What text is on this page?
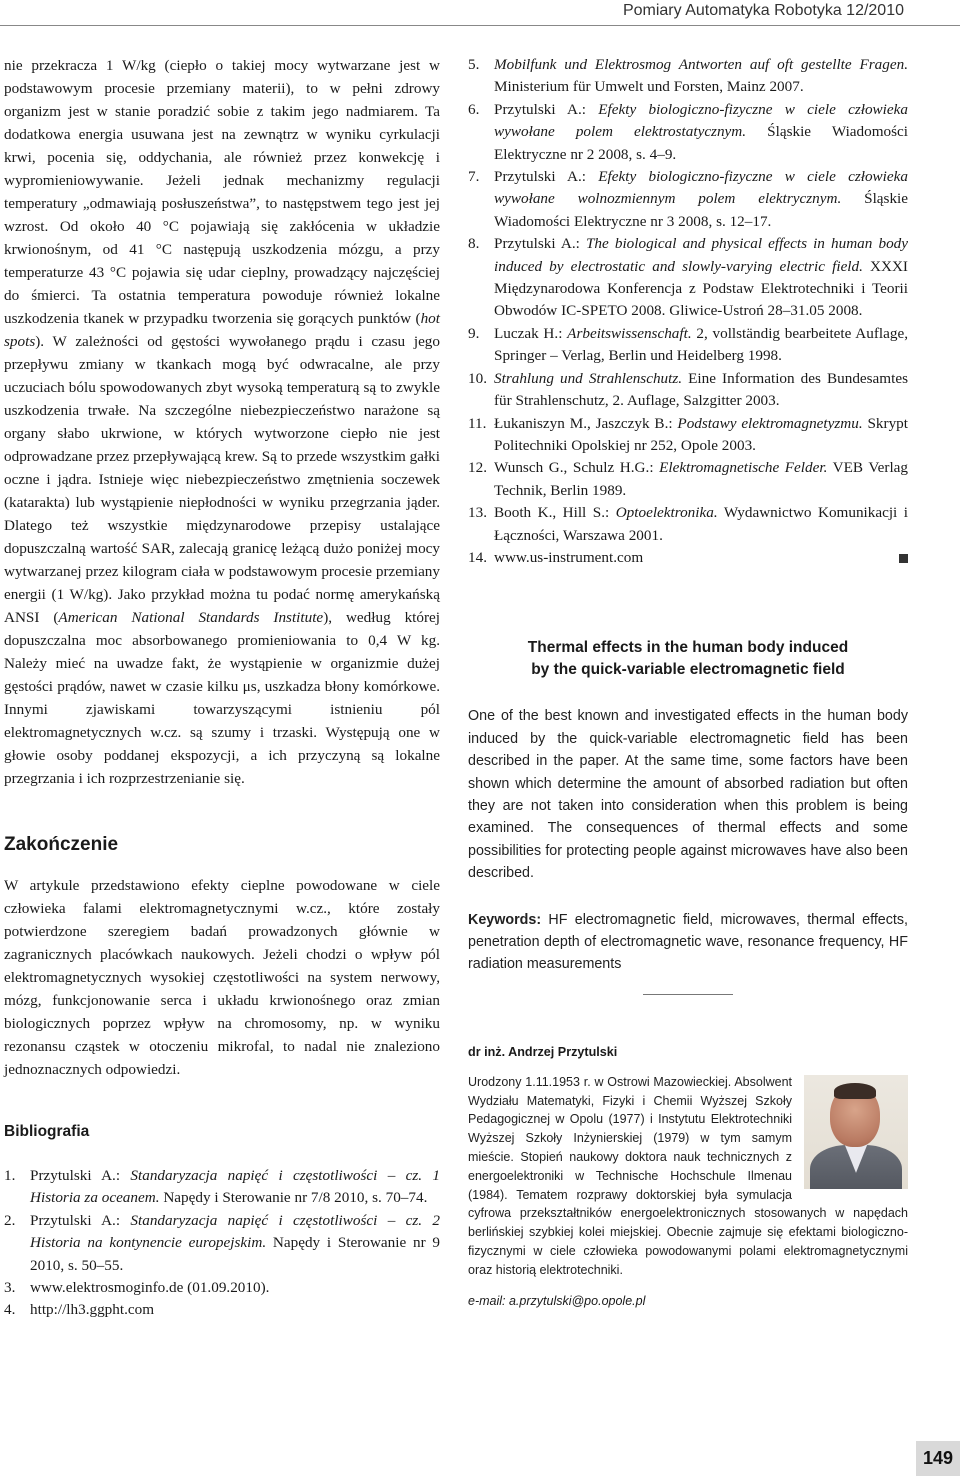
Pomiary Automatyka Robotyka 12/2010

nie przekracza 1 W/kg (ciepło o takiej mocy wytwarzane jest w podstawowym procesie przemiany materii), to w pełni zdrowy organizm jest w stanie poradzić sobie z takim jego nadmiarem. Ta dodatkowa energia usuwana jest na zewnątrz w wyniku cyrkulacji krwi, pocenia się, oddychania, ale również przez konwekcję i wypromieniowywanie. Jeżeli jednak mechanizmy regulacji temperatury „odmawiają posłuszeństwa”, to następstwem tego jest jej wzrost. Od około 40 °C pojawiają się zakłócenia w układzie krwionośnym, od 41 °C następują uszkodzenia mózgu, a przy temperaturze 43 °C pojawia się udar cieplny, prowadzący najczęściej do śmierci. Ta ostatnia temperatura powoduje również lokalne uszkodzenia tkanek w przypadku tworzenia się gorących punktów (hot spots). W zależności od gęstości wywołanego prądu i czasu jego przepływu zmiany w tkankach mogą być odwracalne, ale przy uczuciach bólu spowodowanych zbyt wysoką temperaturą są to zwykle uszkodzenia trwałe. Na szczególne niebezpieczeństwo narażone są organy słabo ukrwione, w których wytworzone ciepło nie jest odprowadzane przez przepływającą krew. Są to przede wszystkim gałki oczne i jądra. Istnieje więc niebezpieczeństwo zmętnienia soczewek (katarakta) lub wystąpienie niepłodności w wyniku przegrzania jąder. Dlatego też wszystkie międzynarodowe przepisy ustalające dopuszczalną wartość SAR, zalecają granicę leżącą dużo poniżej mocy wytwarzanej przez kilogram ciała w podstawowym procesie przemiany energii (1 W/kg). Jako przykład można tu podać normę amerykańską ANSI (American National Standards Institute), według której dopuszczalna moc absorbowanego promieniowania to 0,4 W kg. Należy mieć na uwadze fakt, że wystąpienie w organizmie dużej gęstości prądów, nawet w czasie kilku μs, uszkadza błony komórkowe. Innymi zjawiskami towarzyszącymi istnieniu pól elektromagnetycznych w.cz. są szumy i trzaski. Występują one w głowie osoby poddanej ekspozycji, a ich przyczyną są lokalne przegrzania i ich rozprzestrzenianie się.

Zakończenie

W artykule przedstawiono efekty cieplne powodowane w ciele człowieka falami elektromagnetycznymi w.cz., które zostały potwierdzone szeregiem badań prowadzonych głównie w zagranicznych placówkach naukowych. Jeżeli chodzi o wpływ pól elektromagnetycznych wysokiej częstotliwości na system nerwowy, mózg, funkcjonowanie serca i układu krwionośnego oraz zmian biologicznych poprzez wpływ na chromosomy, np. w wyniku rezonansu cząstek w otoczeniu mikrofal, to nadal nie znaleziono jednoznacznych odpowiedzi.

Bibliografia
1. Przytulski A.: Standaryzacja napięć i częstotliwości – cz. 1 Historia za oceanem. Napędy i Sterowanie nr 7/8 2010, s. 70–74.
2. Przytulski A.: Standaryzacja napięć i częstotliwości – cz. 2 Historia na kontynencie europejskim. Napędy i Sterowanie nr 9 2010, s. 50–55.
3. www.elektrosmoginfo.de (01.09.2010).
4. http://lh3.ggpht.com
5. Mobilfunk und Elektrosmog Antworten auf oft gestellte Fragen. Ministerium für Umwelt und Forsten, Mainz 2007.
6. Przytulski A.: Efekty biologiczno-fizyczne w ciele człowieka wywołane polem elektrostatycznym. Śląskie Wiadomości Elektryczne nr 2 2008, s. 4–9.
7. Przytulski A.: Efekty biologiczno-fizyczne w ciele człowieka wywołane wolnozmiennym polem elektrycznym. Śląskie Wiadomości Elektryczne nr 3 2008, s. 12–17.
8. Przytulski A.: The biological and physical effects in human body induced by electrostatic and slowly-varying electric field. XXXI Międzynarodowa Konferencja z Podstaw Elektrotechniki i Teorii Obwodów IC-SPETO 2008. Gliwice-Ustroń 28–31.05 2008.
9. Luczak H.: Arbeitswissenschaft. 2, vollständig bearbeitete Auflage, Springer – Verlag, Berlin und Heidelberg 1998.
10. Strahlung und Strahlenschutz. Eine Information des Bundesamtes für Strahlenschutz, 2. Auflage, Salzgitter 2003.
11. Łukaniszyn M., Jaszczyk B.: Podstawy elektromagnetyzmu. Skrypt Politechniki Opolskiej nr 252, Opole 2003.
12. Wunsch G., Schulz H.G.: Elektromagnetische Felder. VEB Verlag Technik, Berlin 1989.
13. Booth K., Hill S.: Optoelektronika. Wydawnictwo Komunikacji i Łączności, Warszawa 2001.
14. www.us-instrument.com
Thermal effects in the human body induced
by the quick-variable electromagnetic field

One of the best known and investigated effects in the human body induced by the quick-variable electromagnetic field has been described in the paper. At the same time, some factors have been shown which determine the amount of absorbed radiation but often they are not taken into consideration when this problem is being examined. The consequences of thermal effects and some possibilities for protecting people against microwaves have also been described.

Keywords: HF electromagnetic field, microwaves, thermal effects, penetration depth of electromagnetic wave, resonance frequency, HF radiation measurements

dr inż. Andrzej Przytulski

Urodzony 1.11.1953 r. w Ostrowi Mazowieckiej. Absolwent Wydziału Matematyki, Fizyki i Chemii Wyższej Szkoły Pedagogicznej w Opolu (1977) i Instytutu Elektrotechniki Wyższej Szkoły Inżynierskiej (1979) w tym samym mieście. Stopień naukowy doktora nauk technicznych z energoelektroniki w Technische Hochschule Ilmenau (1984). Tematem rozprawy doktorskiej była symulacja cyfrowa przekształtników energoelektronicznych stosowanych w napędach berlińskiej szybkiej kolei miejskiej. Obecnie zajmuje się efektami biologiczno-fizycznymi w ciele człowieka powodowanymi polami elektromagnetycznymi oraz historią elektrotechniki.

e-mail: a.przytulski@po.opole.pl
149
